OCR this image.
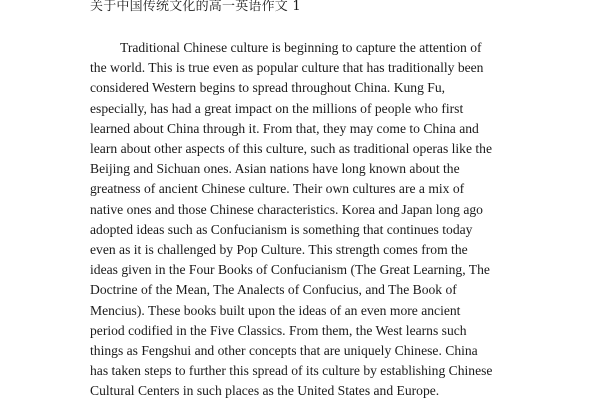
关于中国传统文化的高一英语作文 1
Traditional Chinese culture is beginning to capture the attention of
the world. This is true even as popular culture that has traditionally been
considered Western begins to spread throughout China. Kung Fu,
especially, has had a great impact on the millions of people who first
learned about China through it. From that, they may come to China and
learn about other aspects of this culture, such as traditional operas like the
Beijing and Sichuan ones. Asian nations have long known about the
greatness of ancient Chinese culture. Their own cultures are a mix of
native ones and those Chinese characteristics. Korea and Japan long ago
adopted ideas such as Confucianism is something that continues today
even as it is challenged by Pop Culture. This strength comes from the
ideas given in the Four Books of Confucianism (The Great Learning, The
Doctrine of the Mean, The Analects of Confucius, and The Book of
Mencius). These books built upon the ideas of an even more ancient
period codified in the Five Classics. From them, the West learns such
things as Fengshui and other concepts that are uniquely Chinese. China
has taken steps to further this spread of its culture by establishing Chinese
Cultural Centers in such places as the United States and Europe.
